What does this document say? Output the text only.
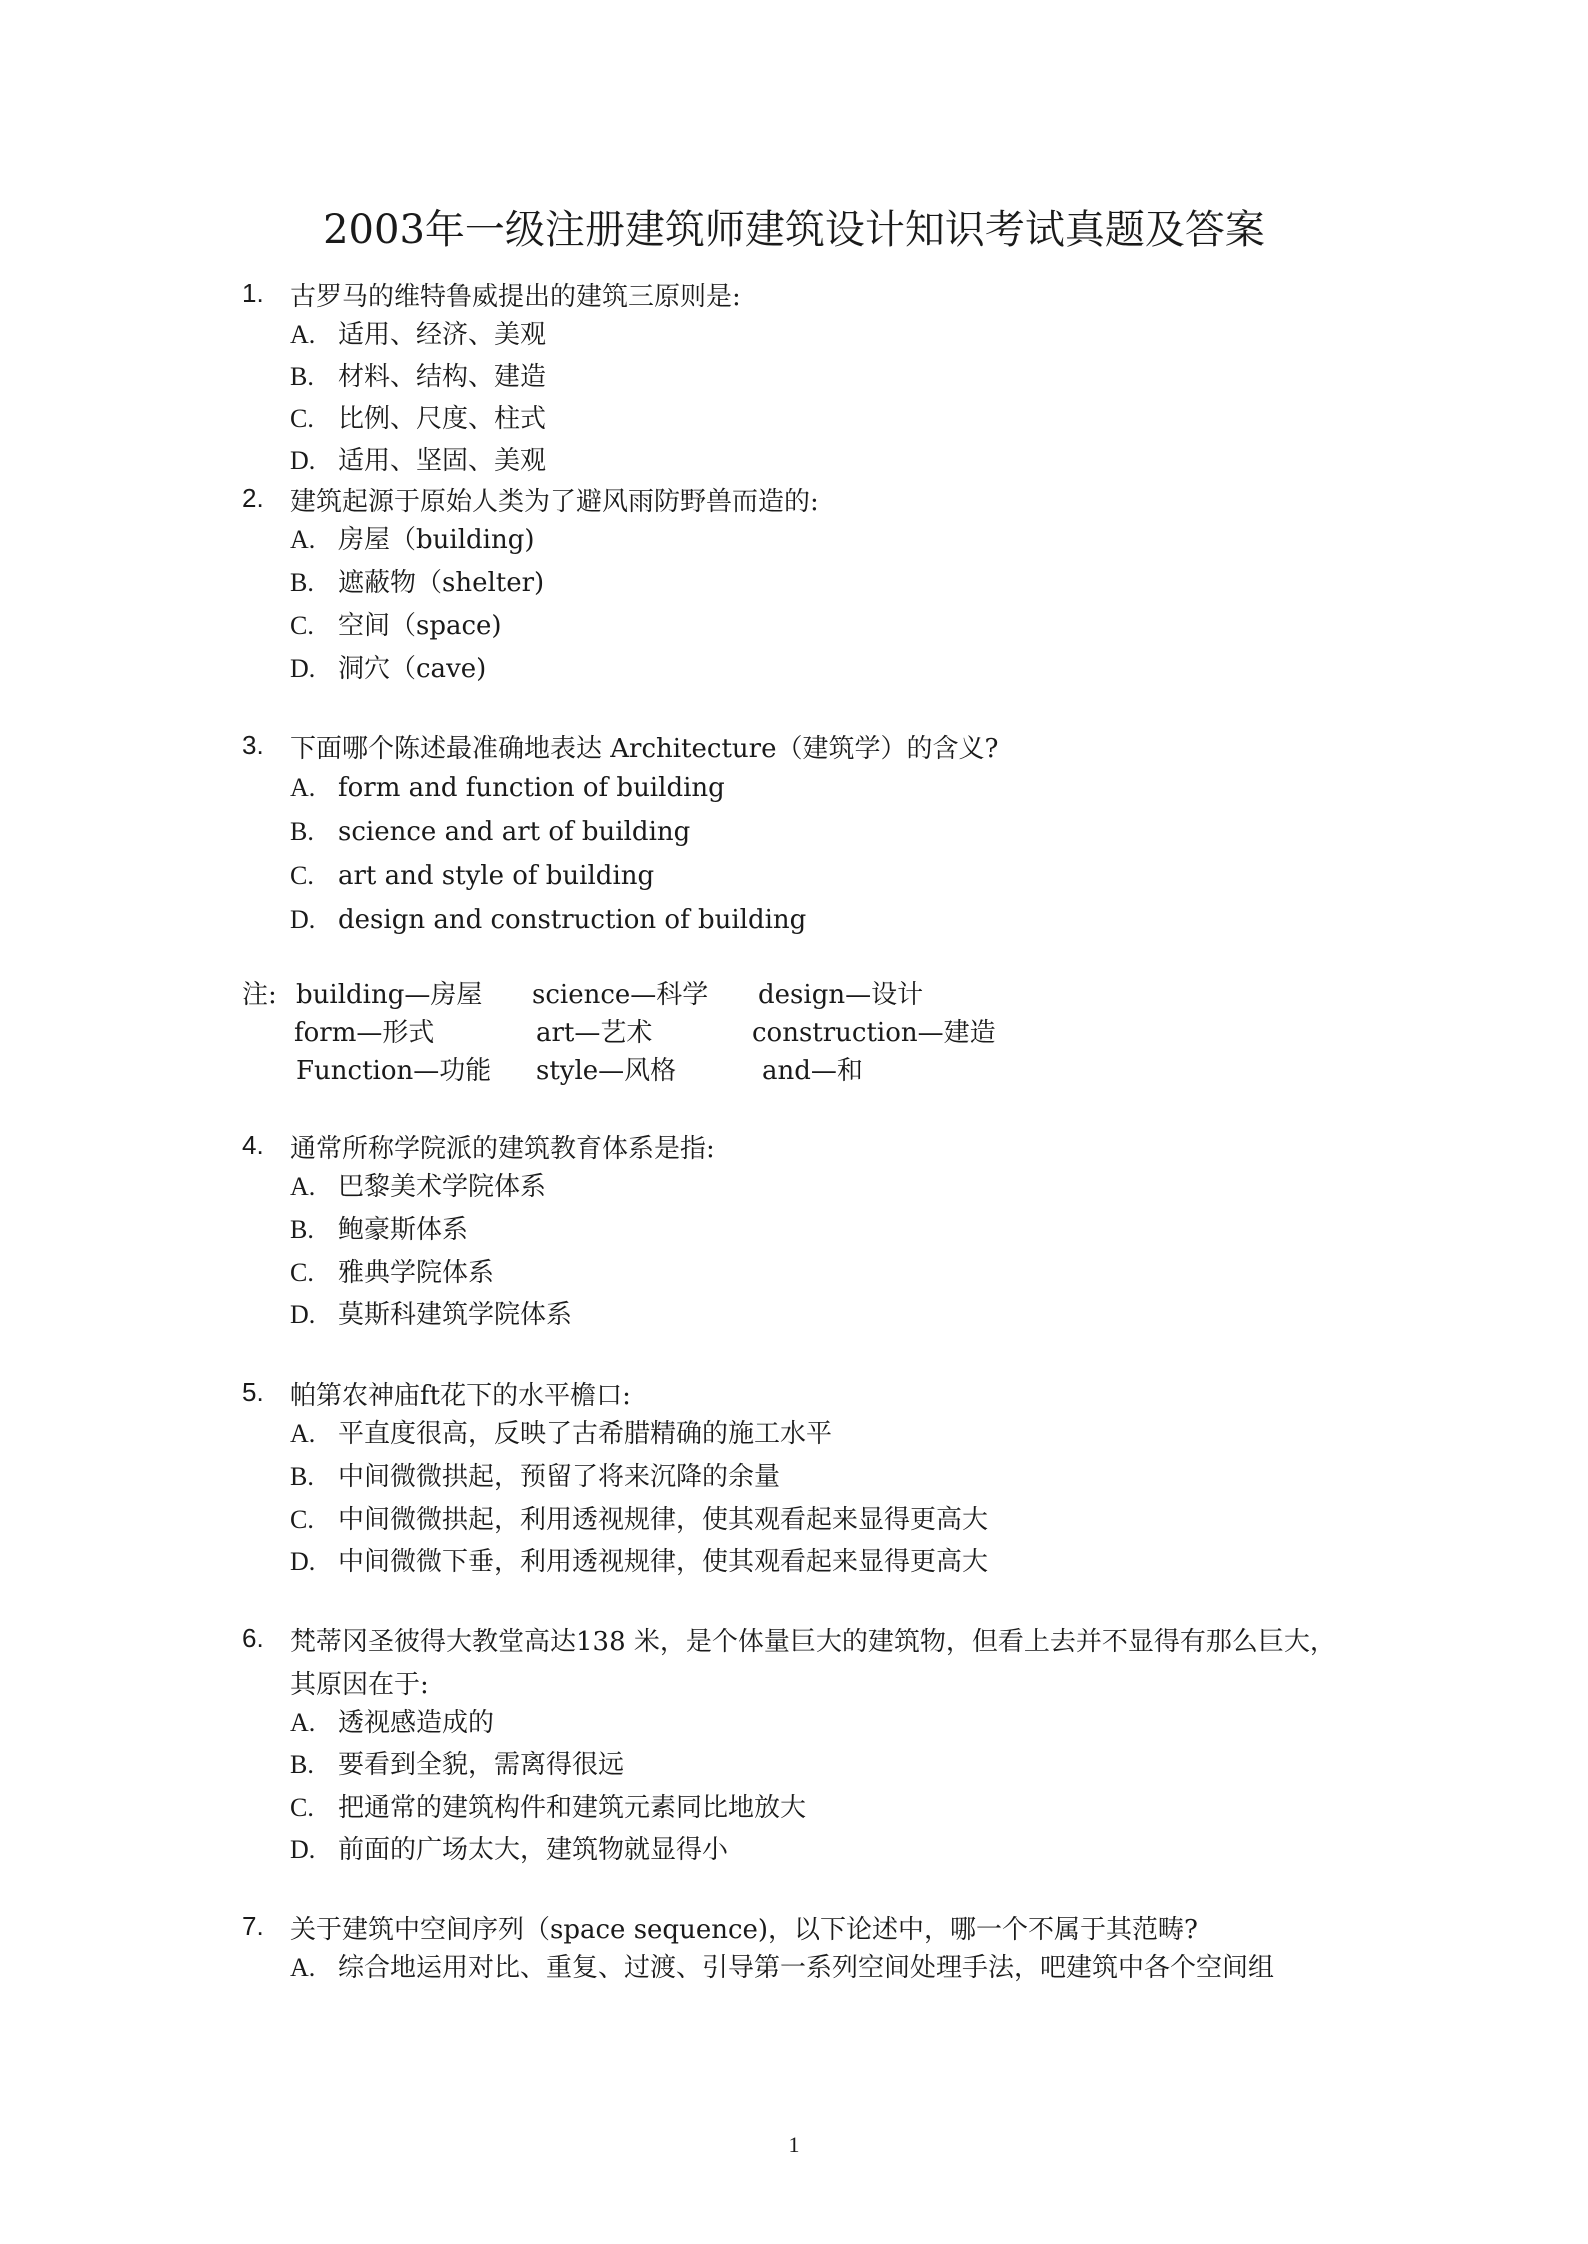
2003年一级注册建筑师建筑设计知识考试真题及答案
1. 古罗马的维特鲁威提出的建筑三原则是:
A. 适用、经济、美观
B. 材料、结构、建造
C. 比例、尺度、柱式
D. 适用、坚固、美观
2. 建筑起源于原始人类为了避风雨防野兽而造的:
A. 房屋（building)
B. 遮蔽物（shelter)
C. 空间（space)
D. 洞穴（cave)
3. 下面哪个陈述最准确地表达 Architecture（建筑学）的含义?
A. form and function of building
B. science and art of building
C. art and style of building
D. design and construction of building
注: building—房屋 science—科学 design—设计
form—形式	art—艺术	construction—建造
Function—功能 style—风格	and—和
4. 通常所称学院派的建筑教育体系是指:
A. 巴黎美术学院体系
B. 鲍豪斯体系
C. 雅典学院体系
D. 莫斯科建筑学院体系
5. 帕第农神庙ft花下的水平檐口:
A. 平直度很高，反映了古希腊精确的施工水平
B. 中间微微拱起，预留了将来沉降的余量
C. 中间微微拱起，利用透视规律，使其观看起来显得更高大
D. 中间微微下垂，利用透视规律，使其观看起来显得更高大
6. 梵蒂冈圣彼得大教堂高达138 米，是个体量巨大的建筑物，但看上去并不显得有那么巨大，其原因在于:
A. 透视感造成的
B. 要看到全貌，需离得很远
C. 把通常的建筑构件和建筑元素同比地放大
D. 前面的广场太大，建筑物就显得小
7. 关于建筑中空间序列（space sequence)，以下论述中，哪一个不属于其范畴?
A. 综合地运用对比、重复、过渡、引导第一系列空间处理手法，吧建筑中各个空间组
1
